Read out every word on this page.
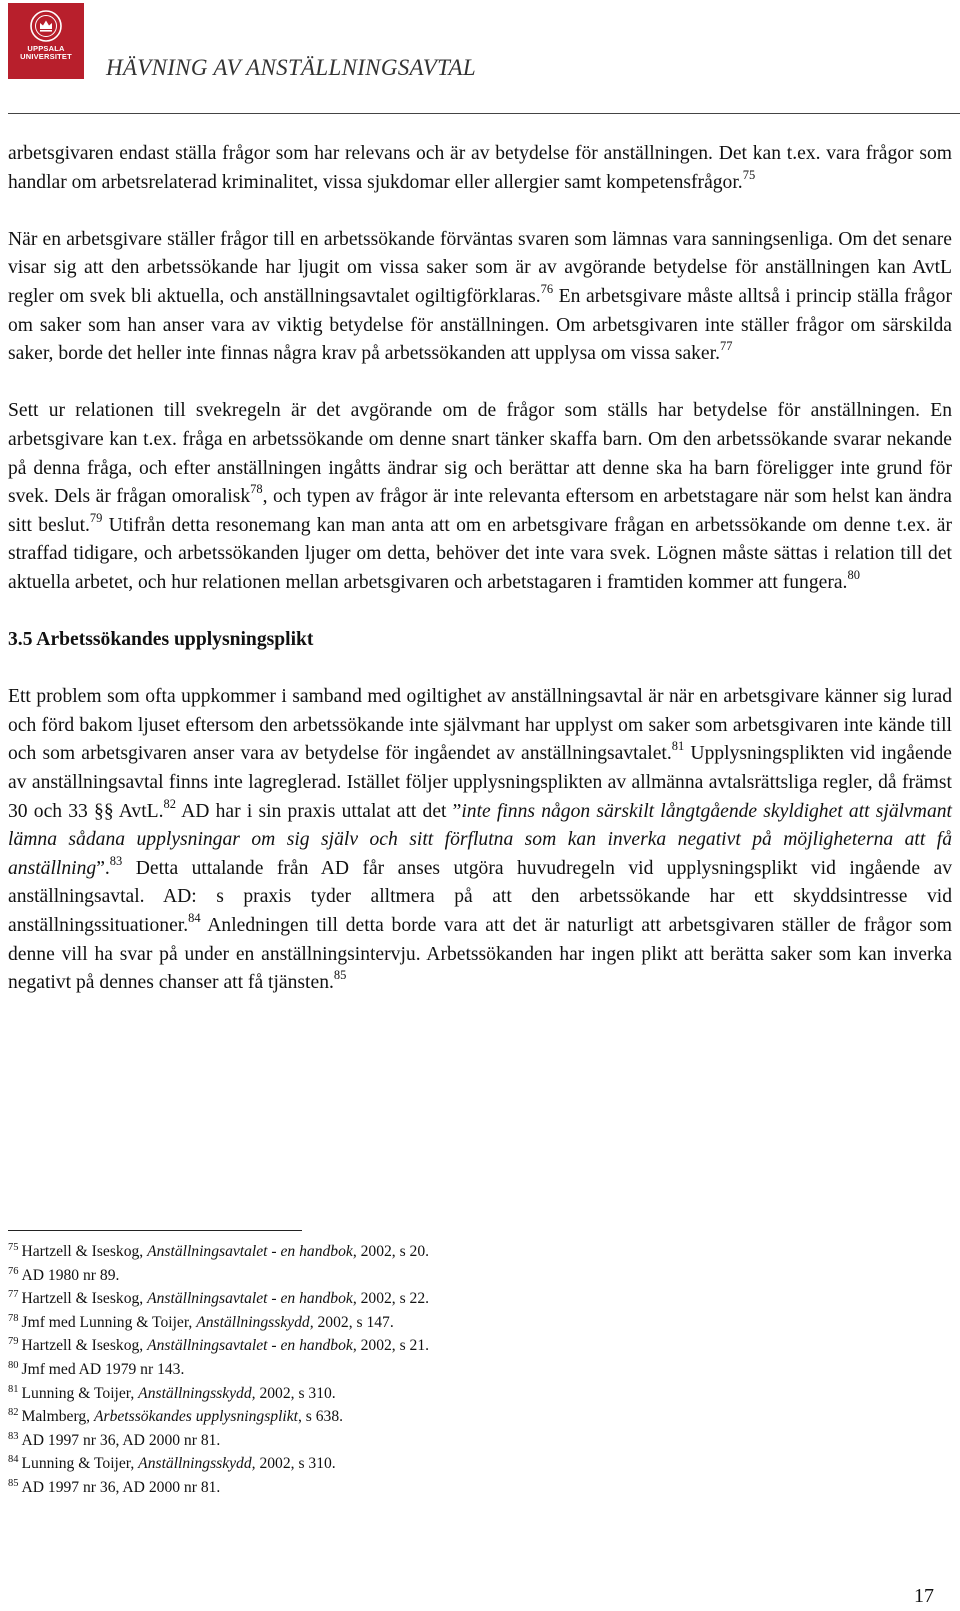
UPPSALA
UNIVERSITET	HÄVNING AV ANSTÄLLNINGSAVTAL

arbetsgivaren endast ställa frågor som har relevans och är av betydelse för anställningen. Det kan t.ex. vara frågor som handlar om arbetsrelaterad kriminalitet, vissa sjukdomar eller allergier samt kompetensfrågor.$^{75}$

När en arbetsgivare ställer frågor till en arbetssökande förväntas svaren som lämnas vara sanningsenliga. Om det senare visar sig att den arbetssökande har ljugit om vissa saker som är av avgörande betydelse för anställningen kan AvtL regler om svek bli aktuella, och anställningsavtalet ogiltigförklaras.$^{76}$ En arbetsgivare måste alltså i princip ställa frågor om saker som han anser vara av viktig betydelse för anställningen. Om arbetsgivaren inte ställer frågor om särskilda saker, borde det heller inte finnas några krav på arbetssökanden att upplysa om vissa saker.$^{77}$

Sett ur relationen till svekregeln är det avgörande om de frågor som ställs har betydelse för anställningen. En arbetsgivare kan t.ex. fråga en arbetssökande om denne snart tänker skaffa barn. Om den arbetssökande svarar nekande på denna fråga, och efter anställningen ingåtts ändrar sig och berättar att denne ska ha barn föreligger inte grund för svek. Dels är frågan omoralisk$^{78}$, och typen av frågor är inte relevanta eftersom en arbetstagare när som helst kan ändra sitt beslut.$^{79}$ Utifrån detta resonemang kan man anta att om en arbetsgivare frågan en arbetssökande om denne t.ex. är straffad tidigare, och arbetssökanden ljuger om detta, behöver det inte vara svek. Lögnen måste sättas i relation till det aktuella arbetet, och hur relationen mellan arbetsgivaren och arbetstagaren i framtiden kommer att fungera.$^{80}$

3.5 Arbetssökandes upplysningsplikt

Ett problem som ofta uppkommer i samband med ogiltighet av anställningsavtal är när en arbetsgivare känner sig lurad och förd bakom ljuset eftersom den arbetssökande inte självmant har upplyst om saker som arbetsgivaren inte kände till och som arbetsgivaren anser vara av betydelse för ingåendet av anställningsavtalet.$^{81}$ Upplysningsplikten vid ingående av anställningsavtal finns inte lagreglerad. Istället följer upplysningsplikten av allmänna avtalsrättsliga regler, då främst 30 och 33 §§ AvtL.$^{82}$ AD har i sin praxis uttalat att det ”inte finns någon särskilt långtgående skyldighet att självmant lämna sådana upplysningar om sig själv och sitt förflutna som kan inverka negativt på möjligheterna att få anställning”.$^{83}$ Detta uttalande från AD får anses utgöra huvudregeln vid upplysningsplikt vid ingående av anställningsavtal. AD: s praxis tyder alltmera på att den arbetssökande har ett skyddsintresse vid anställningssituationer.$^{84}$ Anledningen till detta borde vara att det är naturligt att arbetsgivaren ställer de frågor som denne vill ha svar på under en anställningsintervju. Arbetssökanden har ingen plikt att berätta saker som kan inverka negativt på dennes chanser att få tjänsten.$^{85}$

$^{75}$ Hartzell & Iseskog, Anställningsavtalet - en handbok, 2002, s 20.
$^{76}$ AD 1980 nr 89.
$^{77}$ Hartzell & Iseskog, Anställningsavtalet - en handbok, 2002, s 22.
$^{78}$ Jmf med Lunning & Toijer, Anställningsskydd, 2002, s 147.
$^{79}$ Hartzell & Iseskog, Anställningsavtalet - en handbok, 2002, s 21.
$^{80}$ Jmf med AD 1979 nr 143.
$^{81}$ Lunning & Toijer, Anställningsskydd, 2002, s 310.
$^{82}$ Malmberg, Arbetssökandes upplysningsplikt, s 638.
$^{83}$ AD 1997 nr 36, AD 2000 nr 81.
$^{84}$ Lunning & Toijer, Anställningsskydd, 2002, s 310.
$^{85}$ AD 1997 nr 36, AD 2000 nr 81.
17
